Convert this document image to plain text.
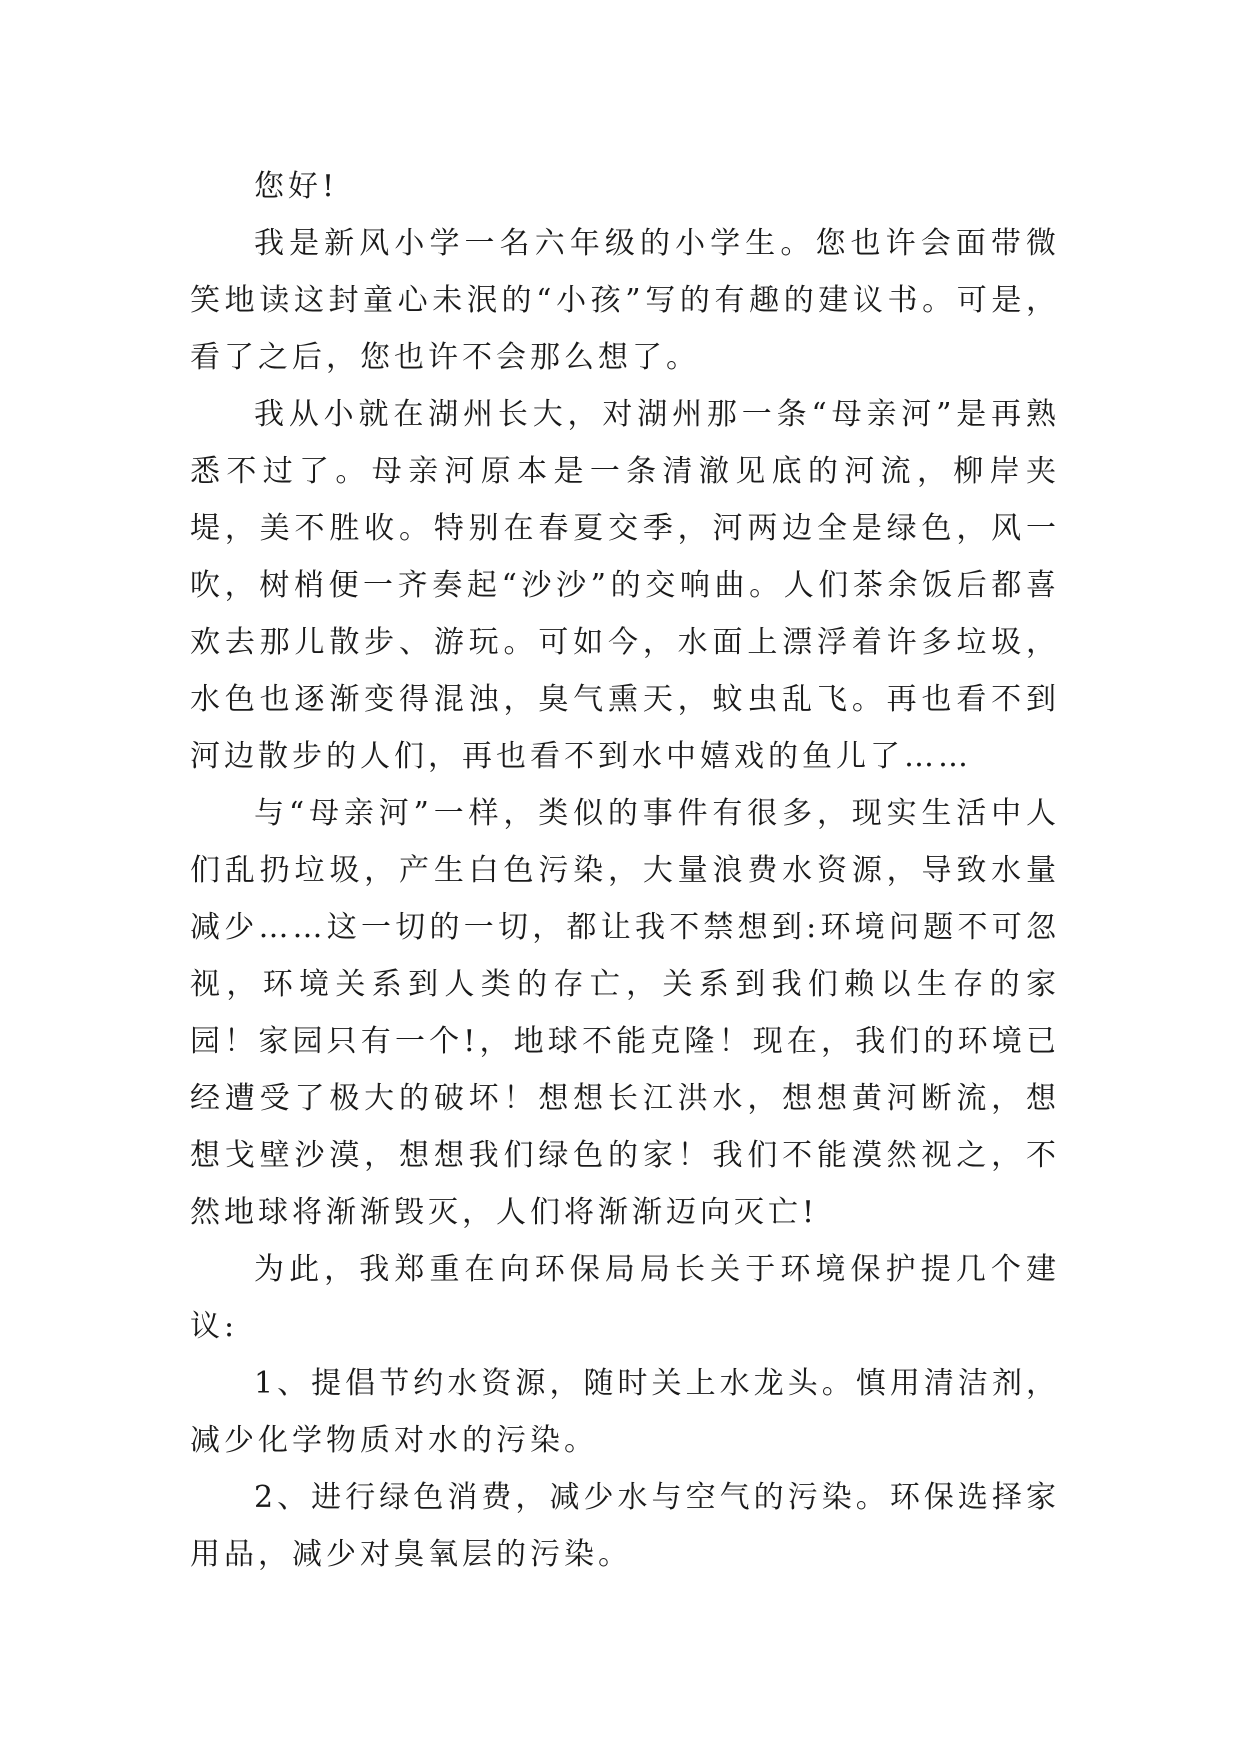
您好!

我是新风小学一名六年级的小学生。您也许会面带微笑地读这封童心未泯的“小孩”写的有趣的建议书。可是，看了之后，您也许不会那么想了。

我从小就在湖州长大，对湖州那一条“母亲河”是再熟悉不过了。母亲河原本是一条清澈见底的河流，柳岸夹堤，美不胜收。特别在春夏交季，河两边全是绿色，风一吹，树梢便一齐奏起“沙沙”的交响曲。人们茶余饭后都喜欢去那儿散步、游玩。可如今，水面上漂浮着许多垃圾，水色也逐渐变得混浊，臭气熏天，蚊虫乱飞。再也看不到河边散步的人们，再也看不到水中嬉戏的鱼儿了……

与“母亲河”一样，类似的事件有很多，现实生活中人们乱扔垃圾，产生白色污染，大量浪费水资源，导致水量减少……这一切的一切，都让我不禁想到:环境问题不可忽视，环境关系到人类的存亡，关系到我们赖以生存的家园！家园只有一个!，地球不能克隆！现在，我们的环境已经遭受了极大的破坏！想想长江洪水，想想黄河断流，想想戈壁沙漠，想想我们绿色的家！我们不能漠然视之，不然地球将渐渐毁灭，人们将渐渐迈向灭亡!

为此，我郑重在向环保局局长关于环境保护提几个建议:

1、提倡节约水资源，随时关上水龙头。慎用清洁剂，减少化学物质对水的污染。

2、进行绿色消费，减少水与空气的污染。环保选择家用品，减少对臭氧层的污染。
